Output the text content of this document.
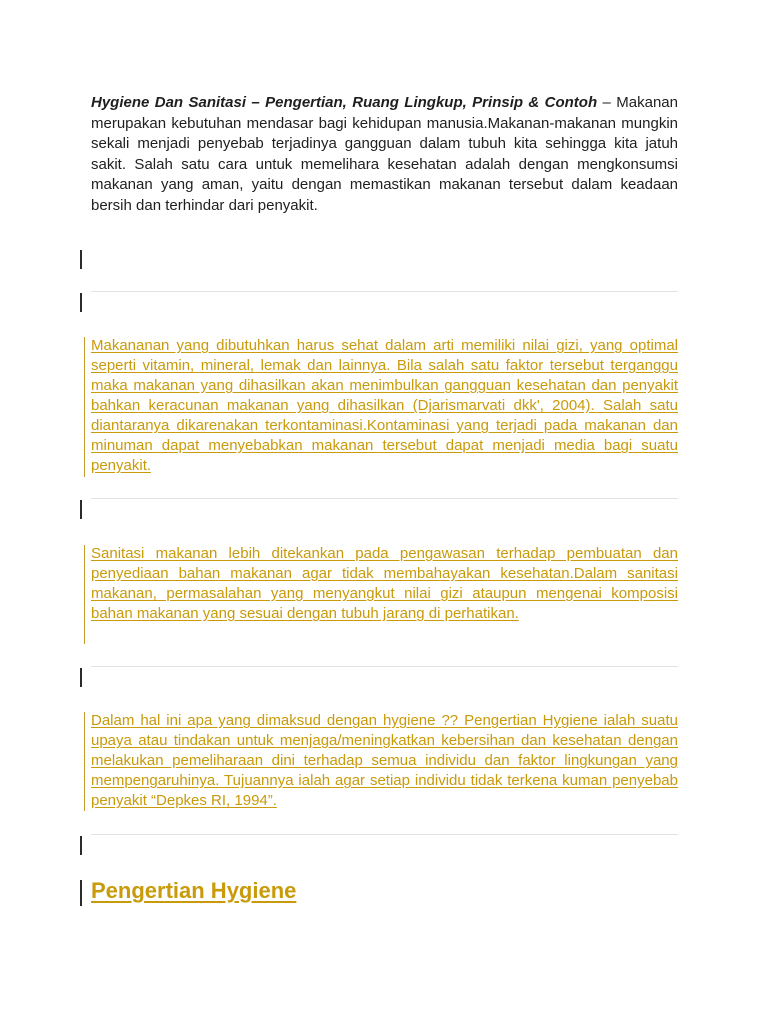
Hygiene Dan Sanitasi – Pengertian, Ruang Lingkup, Prinsip & Contoh – Makanan merupakan kebutuhan mendasar bagi kehidupan manusia.Makanan-makanan mungkin sekali menjadi penyebab terjadinya gangguan dalam tubuh kita sehingga kita jatuh sakit. Salah satu cara untuk memelihara kesehatan adalah dengan mengkonsumsi makanan yang aman, yaitu dengan memastikan makanan tersebut dalam keadaan bersih dan terhindar dari penyakit.
Makananan yang dibutuhkan harus sehat dalam arti memiliki nilai gizi, yang optimal seperti vitamin, mineral, lemak dan lainnya. Bila salah satu faktor tersebut terganggu maka makanan yang dihasilkan akan menimbulkan gangguan kesehatan dan penyakit bahkan keracunan makanan yang dihasilkan (Djarismarvati dkk', 2004). Salah satu diantaranya dikarenakan terkontaminasi.Kontaminasi yang terjadi pada makanan dan minuman dapat menyebabkan makanan tersebut dapat menjadi media bagi suatu penyakit.
Sanitasi makanan lebih ditekankan pada pengawasan terhadap pembuatan dan penyediaan bahan makanan agar tidak membahayakan kesehatan.Dalam sanitasi makanan, permasalahan yang menyangkut nilai gizi ataupun mengenai komposisi bahan makanan yang sesuai dengan tubuh jarang di perhatikan.
Dalam hal ini apa yang dimaksud dengan hygiene ?? Pengertian Hygiene ialah suatu upaya atau tindakan untuk menjaga/meningkatkan kebersihan dan kesehatan dengan melakukan pemeliharaan dini terhadap semua individu dan faktor lingkungan yang mempengaruhinya. Tujuannya ialah agar setiap individu tidak terkena kuman penyebab penyakit “Depkes RI, 1994”.
Pengertian Hygiene
